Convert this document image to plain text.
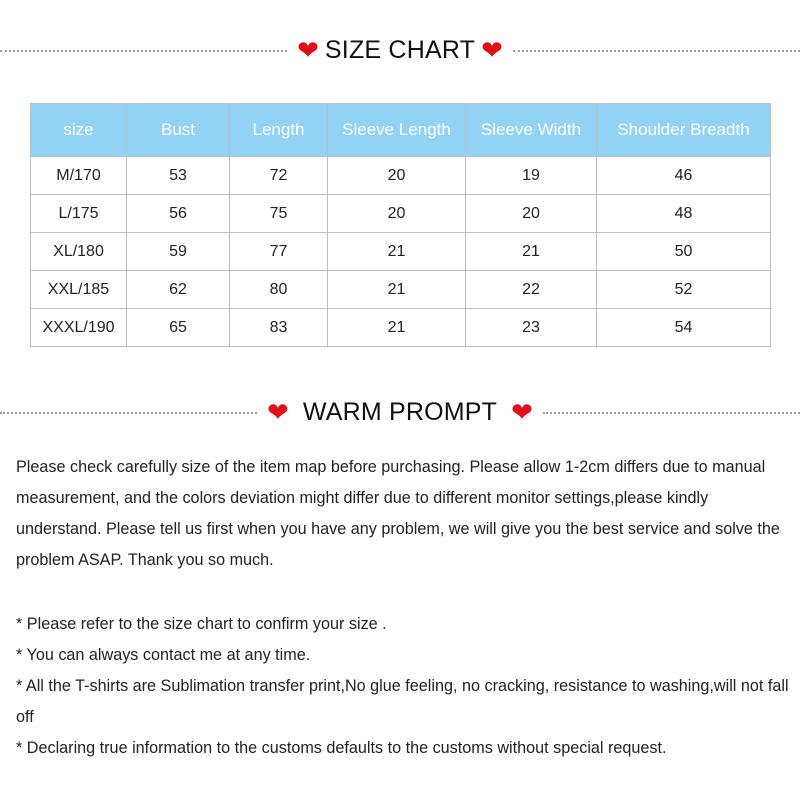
❤ SIZE CHART ❤
size	Bust	Length	Sleeve Length	Sleeve Width	Shoulder Breadth
M/170	53	72	20	19	46
L/175	56	75	20	20	48
XL/180	59	77	21	21	50
XXL/185	62	80	21	22	52
XXXL/190	65	83	21	23	54
❤ WARM PROMPT ❤

Please check carefully size of the item map before purchasing. Please allow 1-2cm differs due to manual measurement, and the colors deviation might differ due to different monitor settings,please kindly understand. Please tell us first when you have any problem, we will give you the best service and solve the problem ASAP. Thank you so much.

* Please refer to the size chart to confirm your size .
* You can always contact me at any time.
* All the T-shirts are Sublimation transfer print,No glue feeling, no cracking, resistance to washing,will not fall off
* Declaring true information to the customs defaults to the customs without special request.
